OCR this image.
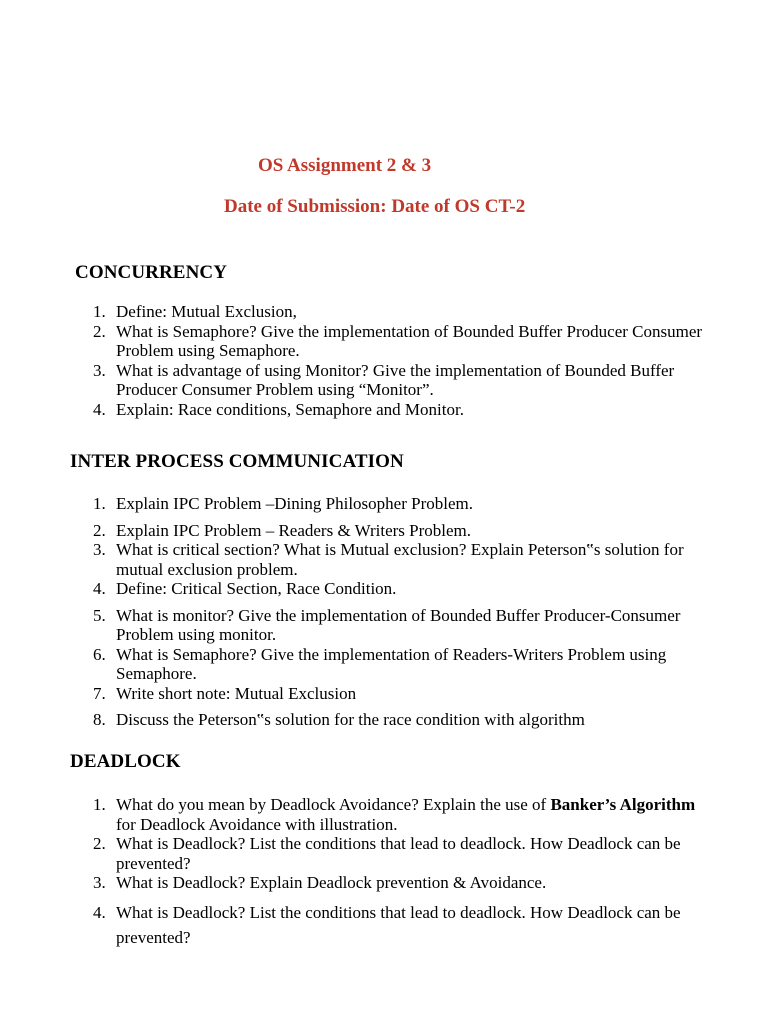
OS Assignment 2 & 3
Date of Submission: Date of OS CT-2
CONCURRENCY
1. Define: Mutual Exclusion,
2. What is Semaphore? Give the implementation of Bounded Buffer Producer Consumer Problem using Semaphore.
3. What is advantage of using Monitor? Give the implementation of Bounded Buffer Producer Consumer Problem using “Monitor”.
4. Explain: Race conditions, Semaphore and Monitor.
INTER PROCESS COMMUNICATION
1. Explain IPC Problem –Dining Philosopher Problem.
2. Explain IPC Problem – Readers & Writers Problem.
3. What is critical section? What is Mutual exclusion? Explain Peterson‟s solution for mutual exclusion problem.
4. Define: Critical Section, Race Condition.
5. What is monitor? Give the implementation of Bounded Buffer Producer-Consumer Problem using monitor.
6. What is Semaphore? Give the implementation of Readers-Writers Problem using Semaphore.
7. Write short note: Mutual Exclusion
8. Discuss the Peterson‟s solution for the race condition with algorithm
DEADLOCK
1. What do you mean by Deadlock Avoidance? Explain the use of Banker’s Algorithm for Deadlock Avoidance with illustration.
2. What is Deadlock? List the conditions that lead to deadlock. How Deadlock can be prevented?
3. What is Deadlock? Explain Deadlock prevention & Avoidance.
4. What is Deadlock? List the conditions that lead to deadlock. How Deadlock can be prevented?
